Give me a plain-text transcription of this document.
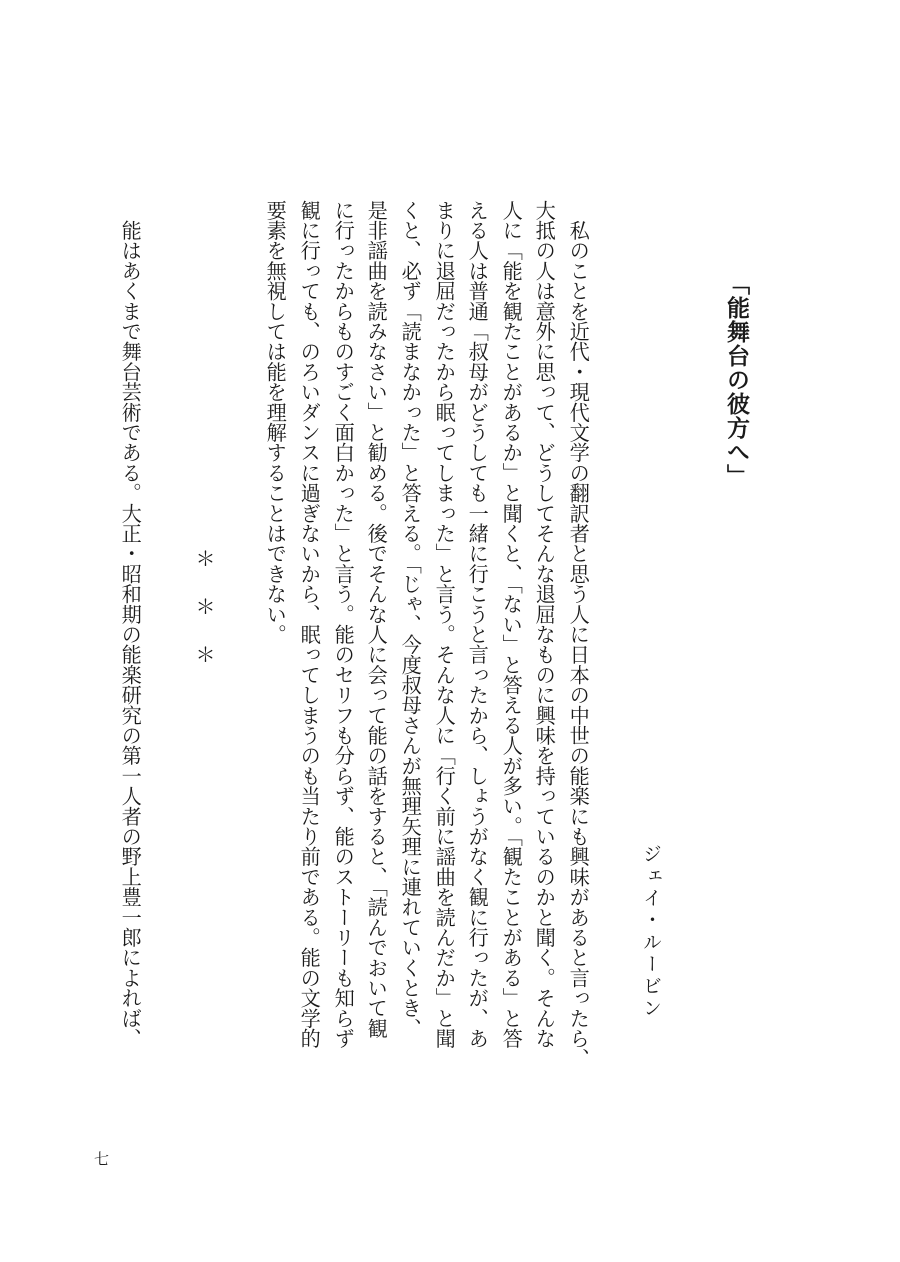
「能舞台の彼方へ」
ジェイ・ルービン
　私のことを近代・現代文学の翻訳者と思う人に日本の中世の能楽にも興味があると言ったら、
大抵の人は意外に思って、どうしてそんな退屈なものに興味を持っているのかと聞く。そんな
人に「能を観たことがあるか」と聞くと、「ない」と答える人が多い。「観たことがある」と答
える人は普通「叔母がどうしても一緒に行こうと言ったから、しょうがなく観に行ったが、あ
まりに退屈だったから眠ってしまった」と言う。そんな人に「行く前に謡曲を読んだか」と聞
くと、必ず「読まなかった」と答える。「じゃ、今度叔母さんが無理矢理に連れていくとき、
是非謡曲を読みなさい」と勧める。後でそんな人に会って能の話をすると、「読んでおいて観
に行ったからものすごく面白かった」と言う。能のセリフも分らず、能のストーリーも知らず
観に行っても、のろいダンスに過ぎないから、眠ってしまうのも当たり前である。能の文学的
要素を無視しては能を理解することはできない。
＊＊＊
　能はあくまで舞台芸術である。大正・昭和期の能楽研究の第一人者の野上豊一郎によれば、
七
